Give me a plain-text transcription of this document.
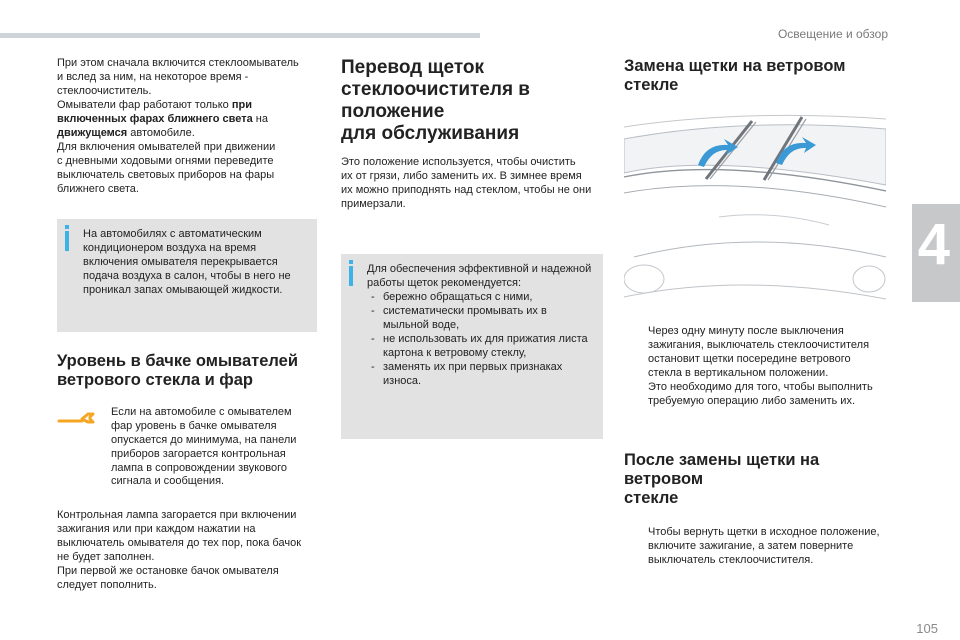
Освещение и обзор
4

При этом сначала включится стеклоомыватель
и вслед за ним, на некоторое время -
стеклоочиститель.
Омыватели фар работают только при
включенных фарах ближнего света на
движущемся автомобиле.

Для включения омывателей при движении
с дневными ходовыми огнями переведите
выключатель световых приборов на фары
ближнего света.

На автомобилях с автоматическим
кондиционером воздуха на время
включения омывателя перекрывается
подача воздуха в салон, чтобы в него не
проникал запах омывающей жидкости.

Уровень в бачке омывателей
ветрового стекла и фар

Если на автомобиле с омывателем
фар уровень в бачке омывателя
опускается до минимума, на панели
приборов загорается контрольная
лампа в сопровождении звукового
сигнала и сообщения.

Контрольная лампа загорается при включении
зажигания или при каждом нажатии на
выключатель омывателя до тех пор, пока бачок
не будет заполнен.
При первой же остановке бачок омывателя
следует пополнить.

Перевод щеток
стеклоочистителя в положение
для обслуживания

Это положение используется, чтобы очистить
их от грязи, либо заменить их. В зимнее время
их можно приподнять над стеклом, чтобы не они
примерзали.

Для обеспечения эффективной и надежной
работы щеток рекомендуется:

- бережно обращаться с ними,
- систематически промывать их в
мыльной воде,
- не использовать их для прижатия листа
картона к ветровому стеклу,
- заменять их при первых признаках
износа.
Замена щетки на ветровом стекле
Через одну минуту после выключения
зажигания, выключатель стеклоочистителя
остановит щетки посередине ветрового
стекла в вертикальном положении.
Это необходимо для того, чтобы выполнить
требуемую операцию либо заменить их.
После замены щетки на ветровом
стекле
Чтобы вернуть щетки в исходное положение,
включите зажигание, а затем поверните
выключатель стеклоочистителя.
105
